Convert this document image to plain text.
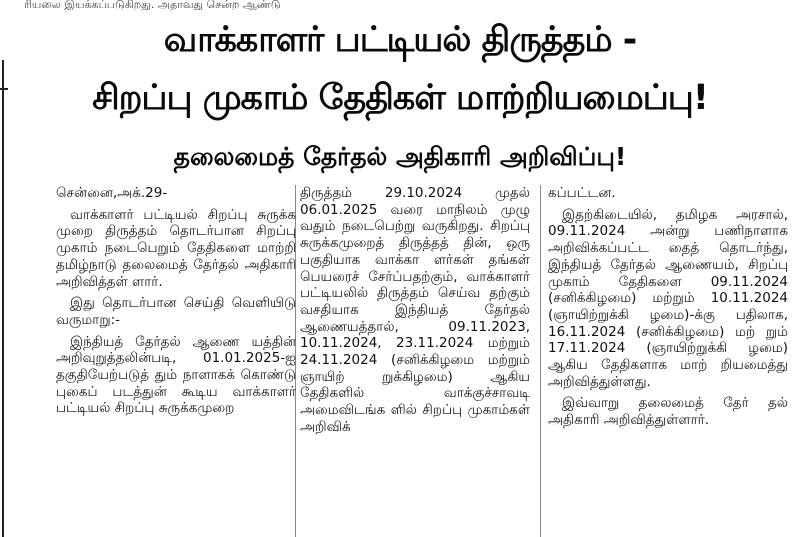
ரியலை இயக்கப்படுகிறது. அதாவது சென்ற ஆண்டு
வாக்காளர் பட்டியல் திருத்தம் -
சிறப்பு முகாம் தேதிகள் மாற்றியமைப்பு!
தலைமைத் தேர்தல் அதிகாரி அறிவிப்பு!

சென்னை,அக்.29-

வாக்காளர் பட்டியல் சிறப்பு சுருக்க முறை திருத்தம் தொடர்பான சிறப்பு முகாம் நடைபெறும் தேதிகளை மாற்றி தமிழ்நாடு தலைமைத் தேர்தல் அதிகாரி அறிவித்தள் ளார்.

இது தொடர்பான செய்தி வெளியிடு வருமாறு:-

இந்தியத் தேர்தல் ஆணை யத்தின் அறிவுறுத்தலின்படி, 01.01.2025-ஐ தகுதியேற்படுத் தும் நாளாகக் கொண்டு புகைப் படத்துன் கூடிய வாக்காளர் பட்டியல் சிறப்பு சுருக்கமுறை

திருத்தம் 29.10.2024 முதல் 06.01.2025 வரை மாநிலம் முழு வதும் நடைபெற்று வருகிறது. சிறப்பு சுருக்கமுறைத் திருத்தத் தின், ஒரு பகுதியாக வாக்கா ளர்கள் தங்கள் பெயரைச் சேர்ப்பதற்கும், வாக்காளர் பட்டியலில் திருத்தம் செய்வ தற்கும் வசதியாக இந்தியத் தேர்தல் ஆணையத்தால், 09.11.2023, 10.11.2024, 23.11.2024 மற்றும் 24.11.2024 (சனிக்கிழமை மற்றும் ஞாயிற் றுக்கிழமை) ஆகிய தேதிகளில் வாக்குச்சாவடி அமைவிடங்க ளில் சிறப்பு முகாம்கள் அறிவிக்

கப்பட்டன.

இதற்கிடையில், தமிழக அரசால், 09.11.2024 அன்று பணிநாளாக அறிவிக்கப்பட்ட தைத் தொடர்ந்து, இந்தியத் தேர்தல் ஆணையம், சிறப்பு முகாம் தேதிகளை 09.11.2024 (சனிக்கிழமை) மற்றும் 10.11.2024 (ஞாயிற்றுக்கி ழமை)-க்கு பதிலாக, 16.11.2024 (சனிக்கிழமை) மற் றும் 17.11.2024 (ஞாயிற்றுக்கி ழமை) ஆகிய தேதிகளாக மாற் றியமைத்து அறிவித்துள்ளது.

இவ்வாறு தலைமைத் தேர் தல் அதிகாரி அறிவித்துள்ளார்.
